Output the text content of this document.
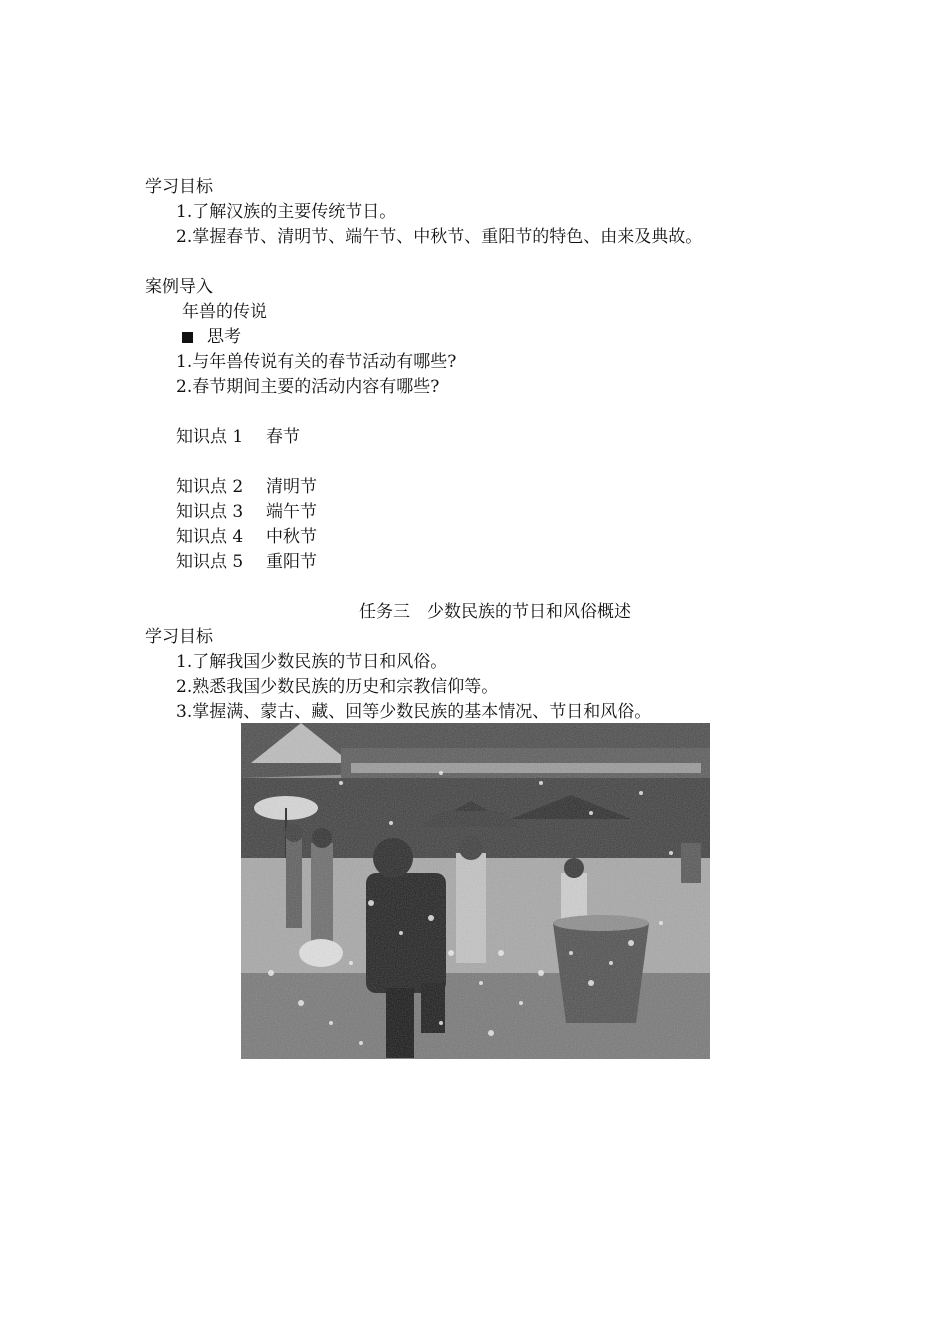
学习目标
1.了解汉族的主要传统节日。
2.掌握春节、清明节、端午节、中秋节、重阳节的特色、由来及典故。
案例导入
年兽的传说
思考
1.与年兽传说有关的春节活动有哪些?
2.春节期间主要的活动内容有哪些?
知识点 1 春节
知识点 2 清明节
知识点 3 端午节
知识点 4 中秋节
知识点 5 重阳节
任务三　少数民族的节日和风俗概述
学习目标
1.了解我国少数民族的节日和风俗。
2.熟悉我国少数民族的历史和宗教信仰等。
3.掌握满、蒙古、藏、回等少数民族的基本情况、节日和风俗。
